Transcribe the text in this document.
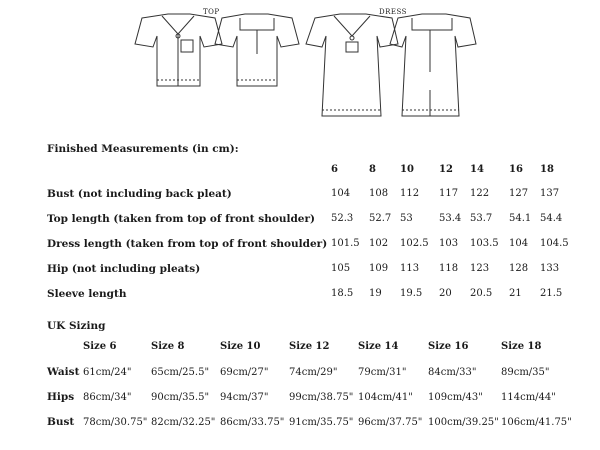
TOP	DRESS
Finished Measurements (in cm):
6	8 10	12 14	16 18
Bust (not including back pleat)	104 108 112 117 122 127 137
Top length (taken from top of front shoulder) 52.3 52.7 53	53.4 53.7 54.1 54.4
Dress length (taken from top of front shoulder) 101.5 102 102.5 103 103.5 104 104.5
Hip (not including pleats)	105 109 113 118 123 128 133
Sleeve length	18.5 19 19.5 20 20.5 21 21.5
UK Sizing
Size 6	Size 8	Size 10	Size 12	Size 14	Size 16	Size 18
Waist 61cm/24" 65cm/25.5" 69cm/27" 74cm/29" 79cm/31" 84cm/33" 89cm/35"
Hips 86cm/34" 90cm/35.5" 94cm/37" 99cm/38.75" 104cm/41" 109cm/43" 114cm/44"
Bust 78cm/30.75" 82cm/32.25" 86cm/33.75" 91cm/35.75" 96cm/37.75" 100cm/39.25" 106cm/41.75"
